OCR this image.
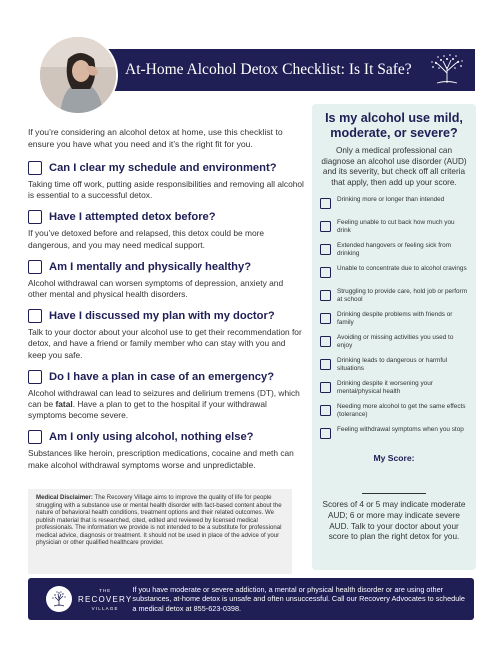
At-Home Alcohol Detox Checklist: Is It Safe?

If you’re considering an alcohol detox at home, use this checklist to ensure you have what you need and it’s the right fit for you.

Can I clear my schedule and environment?

Taking time off work, putting aside responsibilities and removing all alcohol is essential to a successful detox.

Have I attempted detox before?

If you’ve detoxed before and relapsed, this detox could be more dangerous, and you may need medical support.

Am I mentally and physically healthy?

Alcohol withdrawal can worsen symptoms of depression, anxiety and other mental and physical health disorders.

Have I discussed my plan with my doctor?

Talk to your doctor about your alcohol use to get their recommendation for detox, and have a friend or family member who can stay with you and keep you safe.

Do I have a plan in case of an emergency?

Alcohol withdrawal can lead to seizures and delirium tremens (DT), which can be fatal. Have a plan to get to the hospital if your withdrawal symptoms become severe.

Am I only using alcohol, nothing else?

Substances like heroin, prescription medications, cocaine and meth can make alcohol withdrawal symptoms worse and unpredictable.

Medical Disclaimer: The Recovery Village aims to improve the quality of life for people struggling with a substance use or mental health disorder with fact-based content about the nature of behavioral health conditions, treatment options and their related outcomes. We publish material that is researched, cited, edited and reviewed by licensed medical professionals. The information we provide is not intended to be a substitute for professional medical advice, diagnosis or treatment. It should not be used in place of the advice of your physician or other qualified healthcare provider.
Is my alcohol use mild, moderate, or severe?

Only a medical professional can diagnose an alcohol use disorder (AUD) and its severity, but check off all criteria that apply, then add up your score.

Drinking more or longer than intended
Feeling unable to cut back how much you drink
Extended hangovers or feeling sick from drinking
Unable to concentrate due to alcohol cravings
Struggling to provide care, hold job or perform at school
Drinking despite problems with friends or family
Avoiding or missing activities you used to enjoy
Drinking leads to dangerous or harmful situations
Drinking despite it worsening your mental/physical health
Needing more alcohol to get the same effects (tolerance)
Feeling withdrawal symptoms when you stop
My Score:

Scores of 4 or 5 may indicate moderate AUD; 6 or more may indicate severe AUD. Talk to your doctor about your score to plan the right detox for you.

THE
RECOVERY
VILLAGE

If you have moderate or severe addiction, a mental or physical health disorder or are using other substances, at-home detox is unsafe and often unsuccessful. Call our Recovery Advocates to schedule a medical detox at 855-623-0398.
